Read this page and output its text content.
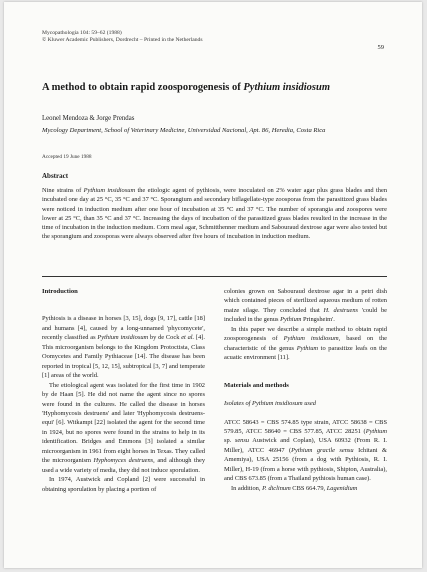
Mycopathologia 104: 59–62 (1988)
© Kluwer Academic Publishers, Dordrecht – Printed in the Netherlands
59
A method to obtain rapid zoosporogenesis of Pythium insidiosum
Leonel Mendoza & Jorge Prendas
Mycology Department, School of Veterinary Medicine, Universidad Nacional, Apt. 86, Heredia, Costa Rica
Accepted 19 June 1988
Abstract

Nine strains of Pythium insidiosum the etiologic agent of pythiosis, were inoculated on 2% water agar plus grass blades and then incubated one day at 25 °C, 35 °C and 37 °C. Sporangium and secondary biflagellate-type zoosporas from the parasitized grass blades were noticed in induction medium after one hour of incubation at 35 °C and 37 °C. The number of sporangia and zoospores were lower at 25 °C, than 35 °C and 37 °C. Increasing the days of incubation of the parasitized grass blades resulted in the increase in the time of incubation in the induction medium. Corn meal agar, Schmitthenner medium and Sabouraud dextrose agar were also tested but the sporangium and zoosporas were always observed after five hours of incubation in induction medium.

Introduction

Pythiosis is a disease in horses [3, 15], dogs [9, 17], cattle [18] and humans [4], caused by a long-unnamed 'phycomycete', recently classified as Pythium insidiosum by de Cock et al. [4]. This microorganism belongs to the Kingdom Protoctista, Class Oomycetes and Family Pythiaceae [14]. The disease has been reported in tropical [5, 12, 15], subtropical [3, 7] and temperate [1] areas of the world.

The etiological agent was isolated for the first time in 1902 by de Haan [5]. He did not name the agent since no spores were found in the cultures. He called the disease in horses 'Hyphomycosis destruens' and later 'Hyphomycosis destruens-equi' [6]. Witkampt [22] isolated the agent for the second time in 1924, but no spores were found in the strains to help in its identification. Bridges and Emmons [3] isolated a similar microorganism in 1961 from eight horses in Texas. They called the microorganism Hyphomyces destruens, and although they used a wide variety of media, they did not induce sporulation.

In 1974, Austwick and Copland [2] were successful in obtaining sporulation by placing a portion of

colonies grown on Sabouraud dextrose agar in a petri dish which contained pieces of sterilized aqueous medium of rotten maize silage. They concluded that H. destruens 'could be included in the genus Pythium Pringsheim'.

In this paper we describe a simple method to obtain rapid zoosporogenesis of Pythium insidiosum, based on the characteristic of the genus Pythium to parasitize leafs on the acuatic environment [11].

Materials and methods

Isolates of Pythium insidiosum used

ATCC 58643 = CBS 574.85 type strain, ATCC 58638 = CBS 579.85, ATCC 58640 = CBS 577.85, ATCC 28251 (Pythium sp. sensu Austwick and Coplan), USA 60932 (From R. I. Miller), ATCC 46947 (Pythium gracile sensu Ichitani & Amemiya), USA 25156 (from a dog with Pythiosis, R. I. Miller), H-19 (from a horse with pythiosis, Shipton, Australia), and CBS 673.85 (from a Thailand pythiosis human case).

In addition, P. diclinum CBS 664.79, Lagenidium
